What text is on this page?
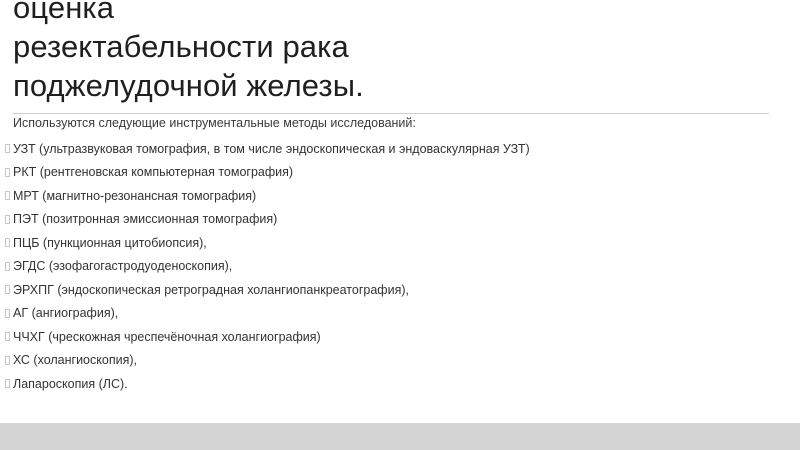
оценка
резектабельности рака
поджелудочной железы.
Используются следующие инструментальные методы исследований:
УЗТ (ультразвуковая томография, в том числе эндоскопическая и эндоваскулярная УЗТ)
РКТ (рентгеновская компьютерная томография)
МРТ (магнитно-резонансная томография)
ПЭТ (позитронная эмиссионная томография)
ПЦБ (пункционная цитобиопсия),
ЭГДС (эзофагогастродуоденоскопия),
ЭРХПГ (эндоскопическая ретроградная холангиопанкреатография),
АГ (ангиография),
ЧЧХГ (чрескожная чреспечёночная холангиография)
ХС (холангиоскопия),
Лапароскопия (ЛС).
